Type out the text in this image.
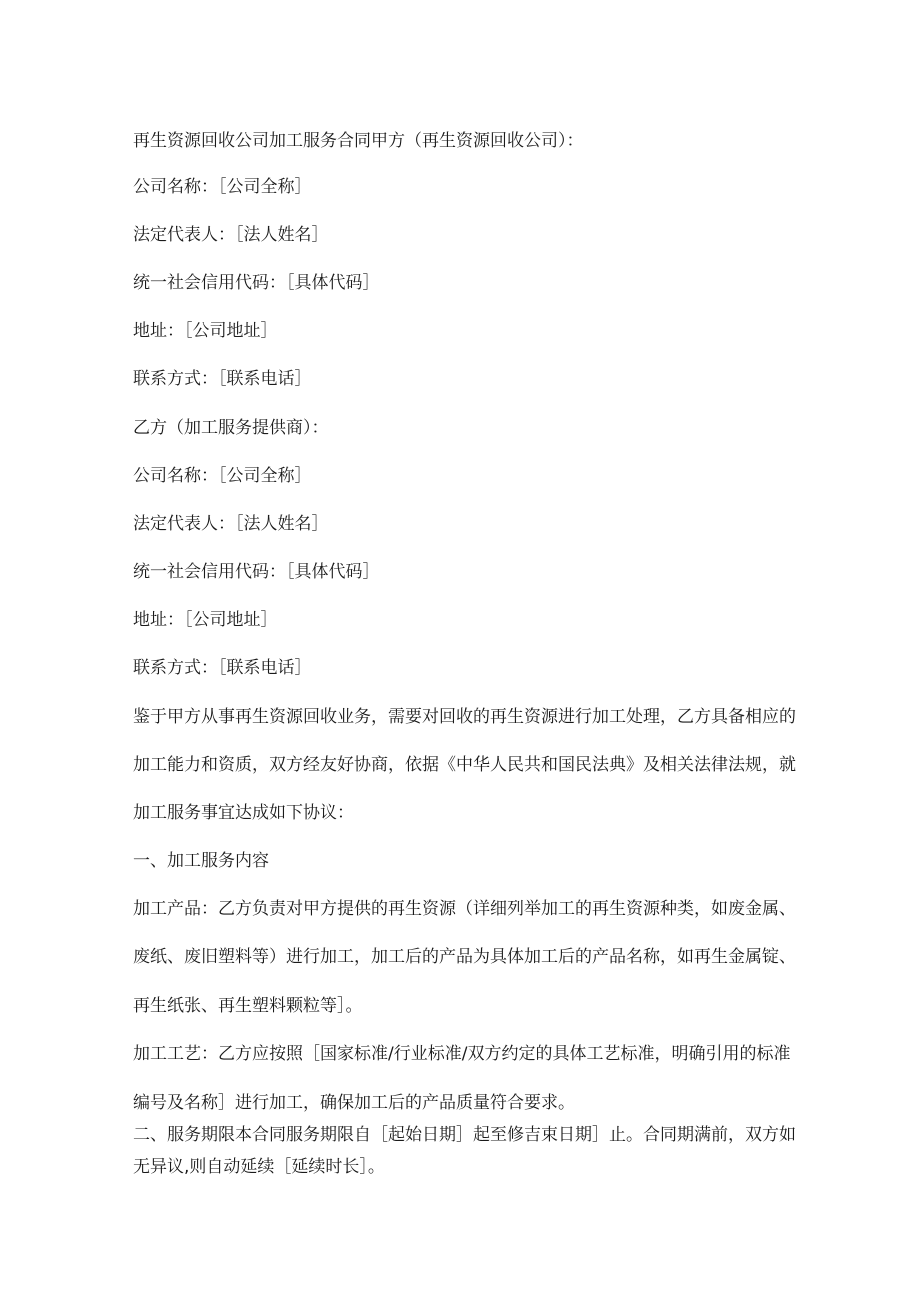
再生资源回收公司加工服务合同甲方（再生资源回收公司）：
公司名称：［公司全称］
法定代表人：［法人姓名］
统一社会信用代码：［具体代码］
地址：［公司地址］
联系方式：［联系电话］
乙方（加工服务提供商）：
公司名称：［公司全称］
法定代表人：［法人姓名］
统一社会信用代码：［具体代码］
地址：［公司地址］
联系方式：［联系电话］
鉴于甲方从事再生资源回收业务，需要对回收的再生资源进行加工处理，乙方具备相应的
加工能力和资质，双方经友好协商，依据《中华人民共和国民法典》及相关法律法规，就
加工服务事宜达成如下协议：
一、加工服务内容
加工产品：乙方负责对甲方提供的再生资源（详细列举加工的再生资源种类，如废金属、
废纸、废旧塑料等）进行加工，加工后的产品为具体加工后的产品名称，如再生金属锭、
再生纸张、再生塑料颗粒等］。
加工工艺：乙方应按照［国家标准/行业标准/双方约定的具体工艺标准，明确引用的标准
编号及名称］进行加工，确保加工后的产品质量符合要求。
二、服务期限本合同服务期限自［起始日期］起至修吉束日期］止。合同期满前，双方如
无异议,则自动延续［延续时长］。
